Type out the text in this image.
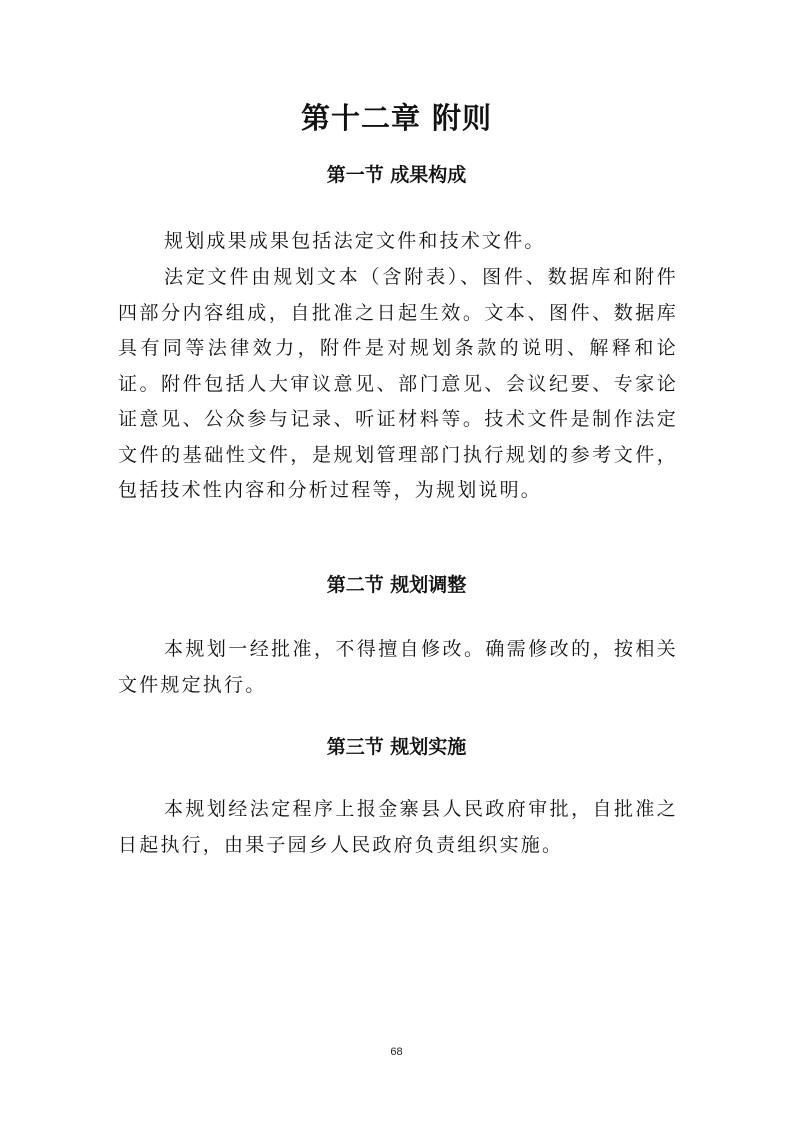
第十二章 附则
第一节 成果构成

规划成果成果包括法定文件和技术文件。

法定文件由规划文本（含附表）、图件、数据库和附件四部分内容组成，自批准之日起生效。文本、图件、数据库具有同等法律效力，附件是对规划条款的说明、解释和论证。附件包括人大审议意见、部门意见、会议纪要、专家论证意见、公众参与记录、听证材料等。技术文件是制作法定文件的基础性文件，是规划管理部门执行规划的参考文件，包括技术性内容和分析过程等，为规划说明。

第二节 规划调整

本规划一经批准，不得擅自修改。确需修改的，按相关文件规定执行。

第三节 规划实施

本规划经法定程序上报金寨县人民政府审批，自批准之日起执行，由果子园乡人民政府负责组织实施。

68
